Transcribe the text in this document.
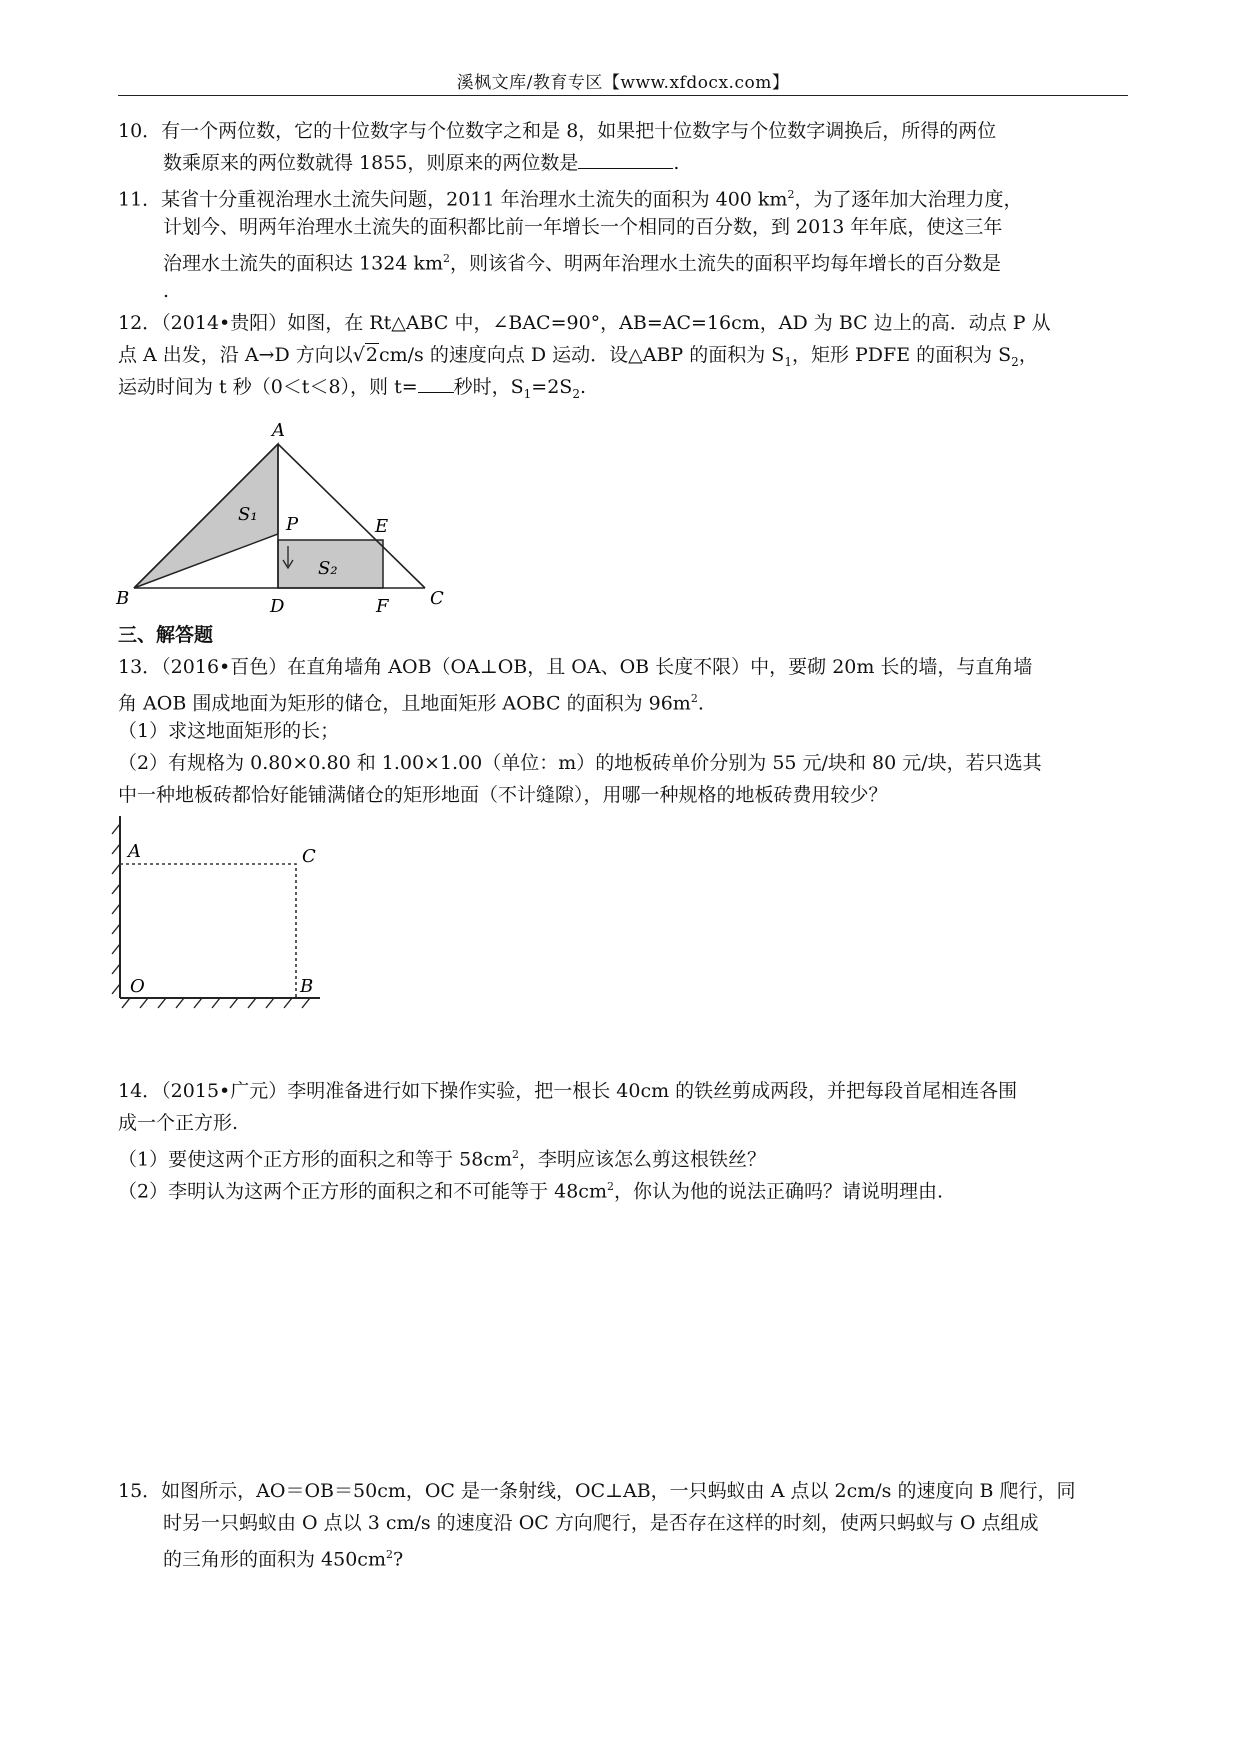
溪枫文库/教育专区【www.xfdocx.com】
10．有一个两位数，它的十位数字与个位数字之和是 8，如果把十位数字与个位数字调换后，所得的两位
数乘原来的两位数就得 1855，则原来的两位数是	.
11．某省十分重视治理水土流失问题，2011 年治理水土流失的面积为 400 $km^2$，为了逐年加大治理力度，
计划今、明两年治理水土流失的面积都比前一年增长一个相同的百分数，到 2013 年年底，使这三年
治理水土流失的面积达 1324 $km^2$，则该省今、明两年治理水土流失的面积平均每年增长的百分数是
.
12．（2014•贵阳）如图，在 Rt△ABC 中，∠BAC=90°，AB=AC=16cm，AD 为 BC 边上的高．动点 P 从
点 A 出发，沿 A→D 方向以√2cm/s 的速度向点 D 运动．设△ABP 的面积为 $S_1$，矩形 PDFE 的面积为 $S_2$，
运动时间为 t 秒（0＜t＜8），则 t= 秒时，$S_1=2S_2$.
A
B	C
D
E
F
P
S₁
S₂
三、解答题
13．（2016•百色）在直角墙角 AOB（OA⊥OB，且 OA、OB 长度不限）中，要砌 20m 长的墙，与直角墙
角 AOB 围成地面为矩形的储仓，且地面矩形 AOBC 的面积为 $96m^2$.
（1）求这地面矩形的长；
（2）有规格为 0.80×0.80 和 1.00×1.00（单位：m）的地板砖单价分别为 55 元/块和 80 元/块，若只选其
中一种地板砖都恰好能铺满储仓的矩形地面（不计缝隙），用哪一种规格的地板砖费用较少？
A	C
O	B
14．（2015•广元）李明准备进行如下操作实验，把一根长 40cm 的铁丝剪成两段，并把每段首尾相连各围
成一个正方形.
（1）要使这两个正方形的面积之和等于 $58cm^2$，李明应该怎么剪这根铁丝？
（2）李明认为这两个正方形的面积之和不可能等于 $48cm^2$，你认为他的说法正确吗？请说明理由.
15．如图所示，AO＝OB＝50cm，OC 是一条射线，OC⊥AB，一只蚂蚁由 A 点以 2cm/s 的速度向 B 爬行，同
时另一只蚂蚁由 O 点以 3 cm/s 的速度沿 OC 方向爬行，是否存在这样的时刻，使两只蚂蚁与 O 点组成
的三角形的面积为 $450cm^2$?
